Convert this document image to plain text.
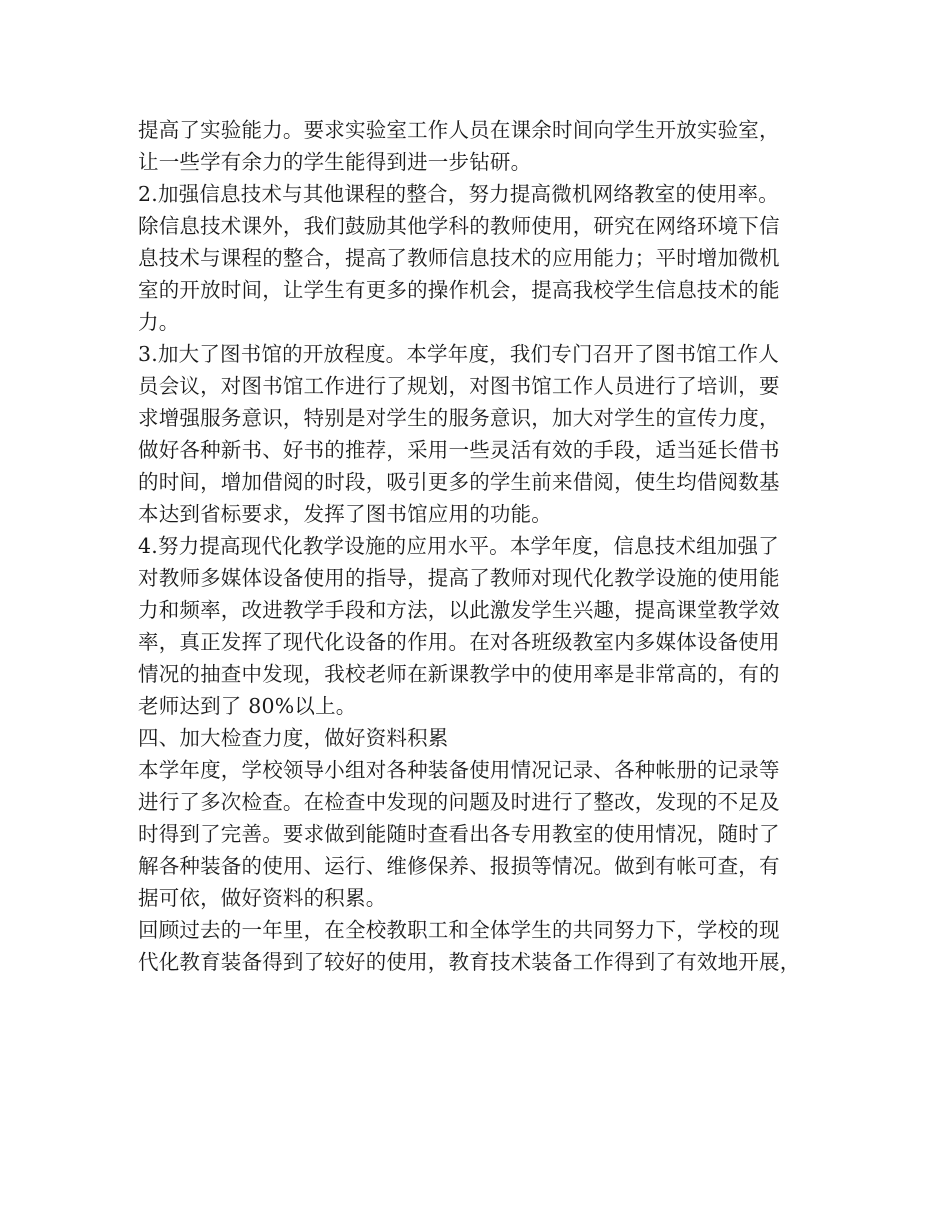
提高了实验能力。要求实验室工作人员在课余时间向学生开放实验室，
让一些学有余力的学生能得到进一步钻研。
2.加强信息技术与其他课程的整合，努力提高微机网络教室的使用率。
除信息技术课外，我们鼓励其他学科的教师使用，研究在网络环境下信
息技术与课程的整合，提高了教师信息技术的应用能力；平时增加微机
室的开放时间，让学生有更多的操作机会，提高我校学生信息技术的能
力。
3.加大了图书馆的开放程度。本学年度，我们专门召开了图书馆工作人
员会议，对图书馆工作进行了规划，对图书馆工作人员进行了培训，要
求增强服务意识，特别是对学生的服务意识，加大对学生的宣传力度，
做好各种新书、好书的推荐，采用一些灵活有效的手段，适当延长借书
的时间，增加借阅的时段，吸引更多的学生前来借阅，使生均借阅数基
本达到省标要求，发挥了图书馆应用的功能。
4.努力提高现代化教学设施的应用水平。本学年度，信息技术组加强了
对教师多媒体设备使用的指导，提高了教师对现代化教学设施的使用能
力和频率，改进教学手段和方法，以此激发学生兴趣，提高课堂教学效
率，真正发挥了现代化设备的作用。在对各班级教室内多媒体设备使用
情况的抽查中发现，我校老师在新课教学中的使用率是非常高的，有的
老师达到了 80%以上。
四、加大检查力度，做好资料积累
本学年度，学校领导小组对各种装备使用情况记录、各种帐册的记录等
进行了多次检查。在检查中发现的问题及时进行了整改，发现的不足及
时得到了完善。要求做到能随时查看出各专用教室的使用情况，随时了
解各种装备的使用、运行、维修保养、报损等情况。做到有帐可查，有
据可依，做好资料的积累。
回顾过去的一年里，在全校教职工和全体学生的共同努力下，学校的现
代化教育装备得到了较好的使用，教育技术装备工作得到了有效地开展，
